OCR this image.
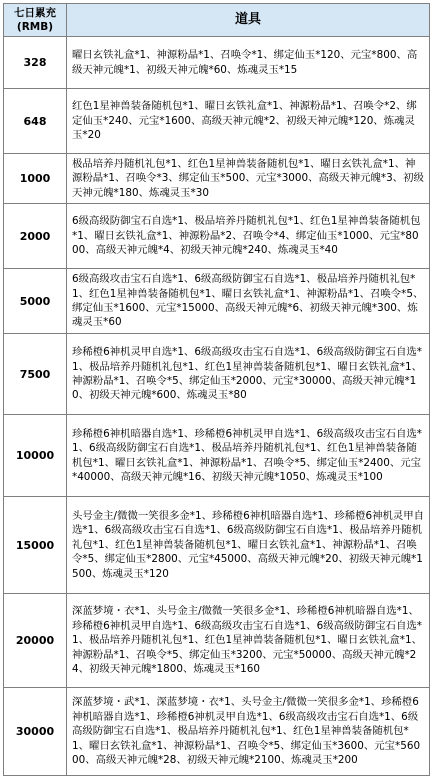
七日累充
(RMB)	道具

328	曜日玄铁礼盒*1、神源粉晶*1、召唤令*1、绑定仙玉*120、元宝*800、高级天神元魄*1、初级天神元魄*60、炼魂灵玉*15
648	红色1星神兽装备随机包*1、曜日玄铁礼盒*1、神源粉晶*1、召唤令*2、绑定仙玉*240、元宝*1600、高级天神元魄*2、初级天神元魄*120、炼魂灵玉*20
1000	极品培养丹随机礼包*1、红色1星神兽装备随机包*1、曜日玄铁礼盒*1、神源粉晶*1、召唤令*3、绑定仙玉*500、元宝*3000、高级天神元魄*3、初级天神元魄*180、炼魂灵玉*30
2000	6级高级防御宝石自选*1、极品培养丹随机礼包*1、红色1星神兽装备随机包*1、曜日玄铁礼盒*1、神源粉晶*2、召唤令*4、绑定仙玉*1000、元宝*8000、高级天神元魄*4、初级天神元魄*240、炼魂灵玉*40
5000	6级高级攻击宝石自选*1、6级高级防御宝石自选*1、极品培养丹随机礼包*1、红色1星神兽装备随机包*1、曜日玄铁礼盒*1、神源粉晶*1、召唤令*5、绑定仙玉*1600、元宝*15000、高级天神元魄*6、初级天神元魄*300、炼魂灵玉*60
7500	珍稀橙6神机灵甲自选*1、6级高级攻击宝石自选*1、6级高级防御宝石自选*1、极品培养丹随机礼包*1、红色1星神兽装备随机包*1、曜日玄铁礼盒*1、神源粉晶*1、召唤令*5、绑定仙玉*2000、元宝*30000、高级天神元魄*10、初级天神元魄*600、炼魂灵玉*80
10000	珍稀橙6神机暗器自选*1、珍稀橙6神机灵甲自选*1、6级高级攻击宝石自选*1、6级高级防御宝石自选*1、极品培养丹随机礼包*1、红色1星神兽装备随机包*1、曜日玄铁礼盒*1、神源粉晶*1、召唤令*5、绑定仙玉*2400、元宝*40000、高级天神元魄*16、初级天神元魄*1050、炼魂灵玉*100
15000	头号金主/微微一笑很多金*1、珍稀橙6神机暗器自选*1、珍稀橙6神机灵甲自选*1、6级高级攻击宝石自选*1、6级高级防御宝石自选*1、极品培养丹随机礼包*1、红色1星神兽装备随机包*1、曜日玄铁礼盒*1、神源粉晶*1、召唤令*5、绑定仙玉*2800、元宝*45000、高级天神元魄*20、初级天神元魄*1500、炼魂灵玉*120
20000	深蓝梦境・衣*1、头号金主/微微一笑很多金*1、珍稀橙6神机暗器自选*1、珍稀橙6神机灵甲自选*1、6级高级攻击宝石自选*1、6级高级防御宝石自选*1、极品培养丹随机礼包*1、红色1星神兽装备随机包*1、曜日玄铁礼盒*1、神源粉晶*1、召唤令*5、绑定仙玉*3200、元宝*50000、高级天神元魄*24、初级天神元魄*1800、炼魂灵玉*160
30000	深蓝梦境・武*1、深蓝梦境・衣*1、头号金主/微微一笑很多金*1、珍稀橙6神机暗器自选*1、珍稀橙6神机灵甲自选*1、6级高级攻击宝石自选*1、6级高级防御宝石自选*1、极品培养丹随机礼包*1、红色1星神兽装备随机包*1、曜日玄铁礼盒*1、神源粉晶*1、召唤令*5、绑定仙玉*3600、元宝*56000、高级天神元魄*28、初级天神元魄*2100、炼魂灵玉*200
